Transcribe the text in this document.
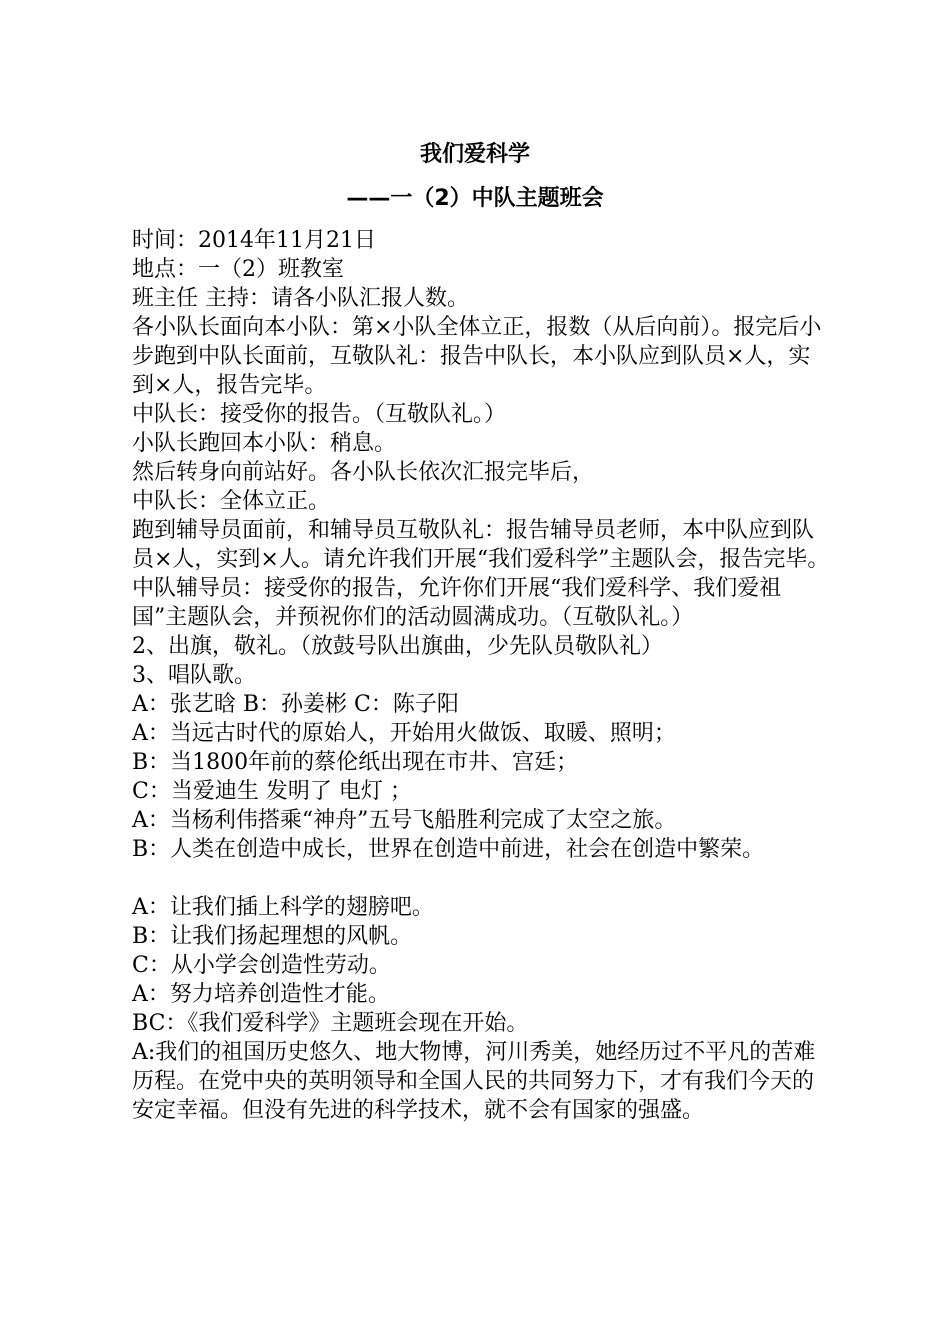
我们爱科学
——一（2）中队主题班会

时间：2014年11月21日

地点：一（2）班教室

班主任 主持：请各小队汇报人数。

各小队长面向本小队：第×小队全体立正，报数（从后向前）。报完后小步跑到中队长面前，互敬队礼：报告中队长，本小队应到队员×人，实到×人，报告完毕。

中队长：接受你的报告。（互敬队礼。）

小队长跑回本小队：稍息。

然后转身向前站好。各小队长依次汇报完毕后，

中队长：全体立正。

跑到辅导员面前，和辅导员互敬队礼：报告辅导员老师，本中队应到队员×人，实到×人。请允许我们开展“我们爱科学”主题队会，报告完毕。

中队辅导员：接受你的报告，允许你们开展“我们爱科学、我们爱祖国”主题队会，并预祝你们的活动圆满成功。（互敬队礼。）

2、出旗，敬礼。（放鼓号队出旗曲，少先队员敬队礼）

3、唱队歌。

A：张艺晗 B：孙姜彬 C：陈子阳

A：当远古时代的原始人，开始用火做饭、取暖、照明；

B：当1800年前的蔡伦纸出现在市井、宫廷；

C：当爱迪生 发明了 电灯 ；

A：当杨利伟搭乘“神舟”五号飞船胜利完成了太空之旅。

B：人类在创造中成长，世界在创造中前进，社会在创造中繁荣。

A：让我们插上科学的翅膀吧。

B：让我们扬起理想的风帆。

C：从小学会创造性劳动。

A：努力培养创造性才能。

BC：《我们爱科学》主题班会现在开始。

A:我们的祖国历史悠久、地大物博，河川秀美，她经历过不平凡的苦难历程。在党中央的英明领导和全国人民的共同努力下，才有我们今天的安定幸福。但没有先进的科学技术，就不会有国家的强盛。
